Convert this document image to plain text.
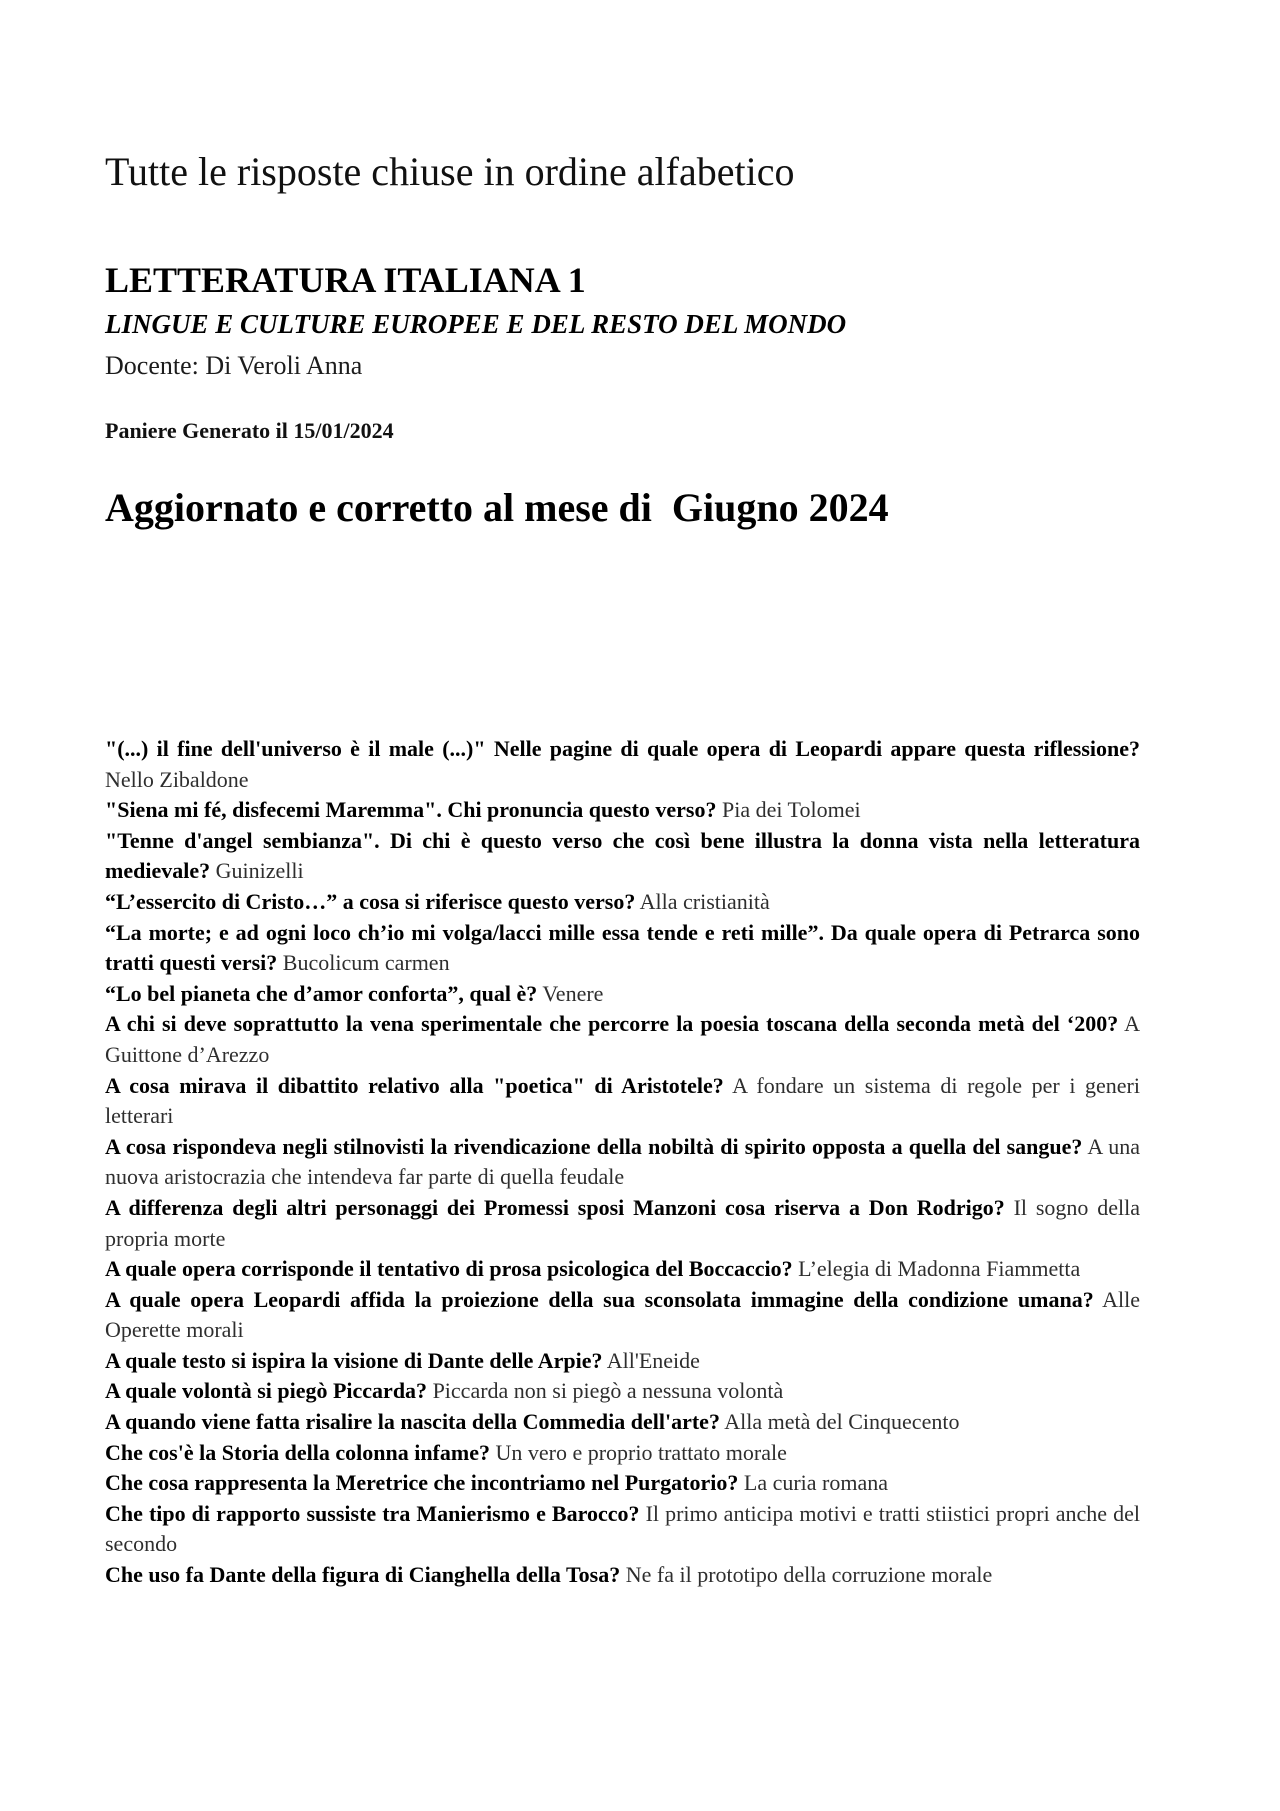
Tutte le risposte chiuse in ordine alfabetico
LETTERATURA ITALIANA 1
LINGUE E CULTURE EUROPEE E DEL RESTO DEL MONDO
Docente: Di Veroli Anna
Paniere Generato il 15/01/2024
Aggiornato e corretto al mese di  Giugno 2024

"(...) il fine dell'universo è il male (...)" Nelle pagine di quale opera di Leopardi appare questa riflessione? Nello Zibaldone

"Siena mi fé, disfecemi Maremma". Chi pronuncia questo verso? Pia dei Tolomei

"Tenne d'angel sembianza". Di chi è questo verso che così bene illustra la donna vista nella letteratura medievale? Guinizelli

“L’essercito di Cristo…” a cosa si riferisce questo verso? Alla cristianità

“La morte; e ad ogni loco ch’io mi volga/lacci mille essa tende e reti mille”. Da quale opera di Petrarca sono tratti questi versi? Bucolicum carmen

“Lo bel pianeta che d’amor conforta”, qual è? Venere

A chi si deve soprattutto la vena sperimentale che percorre la poesia toscana della seconda metà del ‘200? A Guittone d’Arezzo

A cosa mirava il dibattito relativo alla "poetica" di Aristotele? A fondare un sistema di regole per i generi letterari

A cosa rispondeva negli stilnovisti la rivendicazione della nobiltà di spirito opposta a quella del sangue? A una nuova aristocrazia che intendeva far parte di quella feudale

A differenza degli altri personaggi dei Promessi sposi Manzoni cosa riserva a Don Rodrigo? Il sogno della propria morte

A quale opera corrisponde il tentativo di prosa psicologica del Boccaccio? L’elegia di Madonna Fiammetta

A quale opera Leopardi affida la proiezione della sua sconsolata immagine della condizione umana? Alle Operette morali

A quale testo si ispira la visione di Dante delle Arpie? All'Eneide

A quale volontà si piegò Piccarda? Piccarda non si piegò a nessuna volontà

A quando viene fatta risalire la nascita della Commedia dell'arte? Alla metà del Cinquecento

Che cos'è la Storia della colonna infame? Un vero e proprio trattato morale

Che cosa rappresenta la Meretrice che incontriamo nel Purgatorio? La curia romana

Che tipo di rapporto sussiste tra Manierismo e Barocco? Il primo anticipa motivi e tratti stiistici propri anche del secondo

Che uso fa Dante della figura di Cianghella della Tosa? Ne fa il prototipo della corruzione morale
